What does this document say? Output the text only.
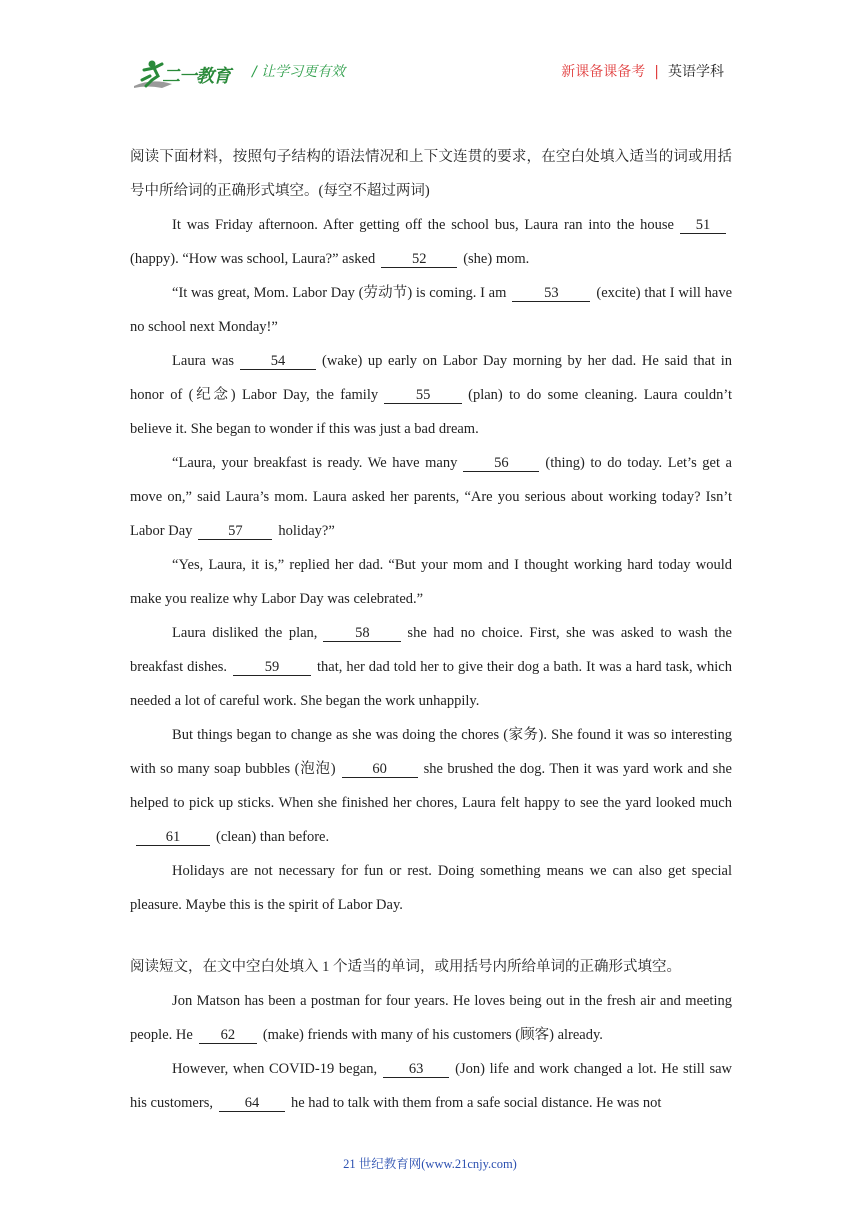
二一教育 / 让学习更有效	新课备课备考 | 英语学科

阅读下面材料，按照句子结构的语法情况和上下文连贯的要求，在空白处填入适当的词或用括号中所给词的正确形式填空。(每空不超过两词)

It was Friday afternoon. After getting off the school bus, Laura ran into the house 51(happy). “How was school, Laura?” asked	52	(she) mom.

“It was great, Mom. Labor Day (劳动节) is coming. I am	53	(excite) that I will have no school next Monday!”

Laura was	54	(wake) up early on Labor Day morning by her dad. He said that in honor of (纪念) Labor Day, the family	55	(plan) to do some cleaning. Laura couldn’t believe it. She began to wonder if this was just a bad dream.

“Laura, your breakfast is ready. We have many	56	(thing) to do today. Let’s get a move on,” said Laura’s mom. Laura asked her parents, “Are you serious about working today? Isn’t Labor Day 57 holiday?”

“Yes, Laura, it is,” replied her dad. “But your mom and I thought working hard today would make you realize why Labor Day was celebrated.”

Laura disliked the plan,	58	she had no choice. First, she was asked to wash the breakfast dishes.	59	that, her dad told her to give their dog a bath. It was a hard task, which needed a lot of careful work. She began the work unhappily.

But things began to change as she was doing the chores (家务). She found it was so interesting with so many soap bubbles (泡泡)	60	she brushed the dog. Then it was yard work and she helped to pick up sticks. When she finished her chores, Laura felt happy to see the yard looked much61 (clean) than before.

Holidays are not necessary for fun or rest. Doing something means we can also get special pleasure. Maybe this is the spirit of Labor Day.

阅读短文，在文中空白处填入 1 个适当的单词，或用括号内所给单词的正确形式填空。

Jon Matson has been a postman for four years. He loves being out in the fresh air and meeting people. He 62 (make) friends with many of his customers (顾客) already.

However, when COVID-19 began, 63 (Jon) life and work changed a lot. He still saw his customers, 64 he had to talk with them from a safe social distance. He was not

21 世纪教育网(www.21cnjy.com)
